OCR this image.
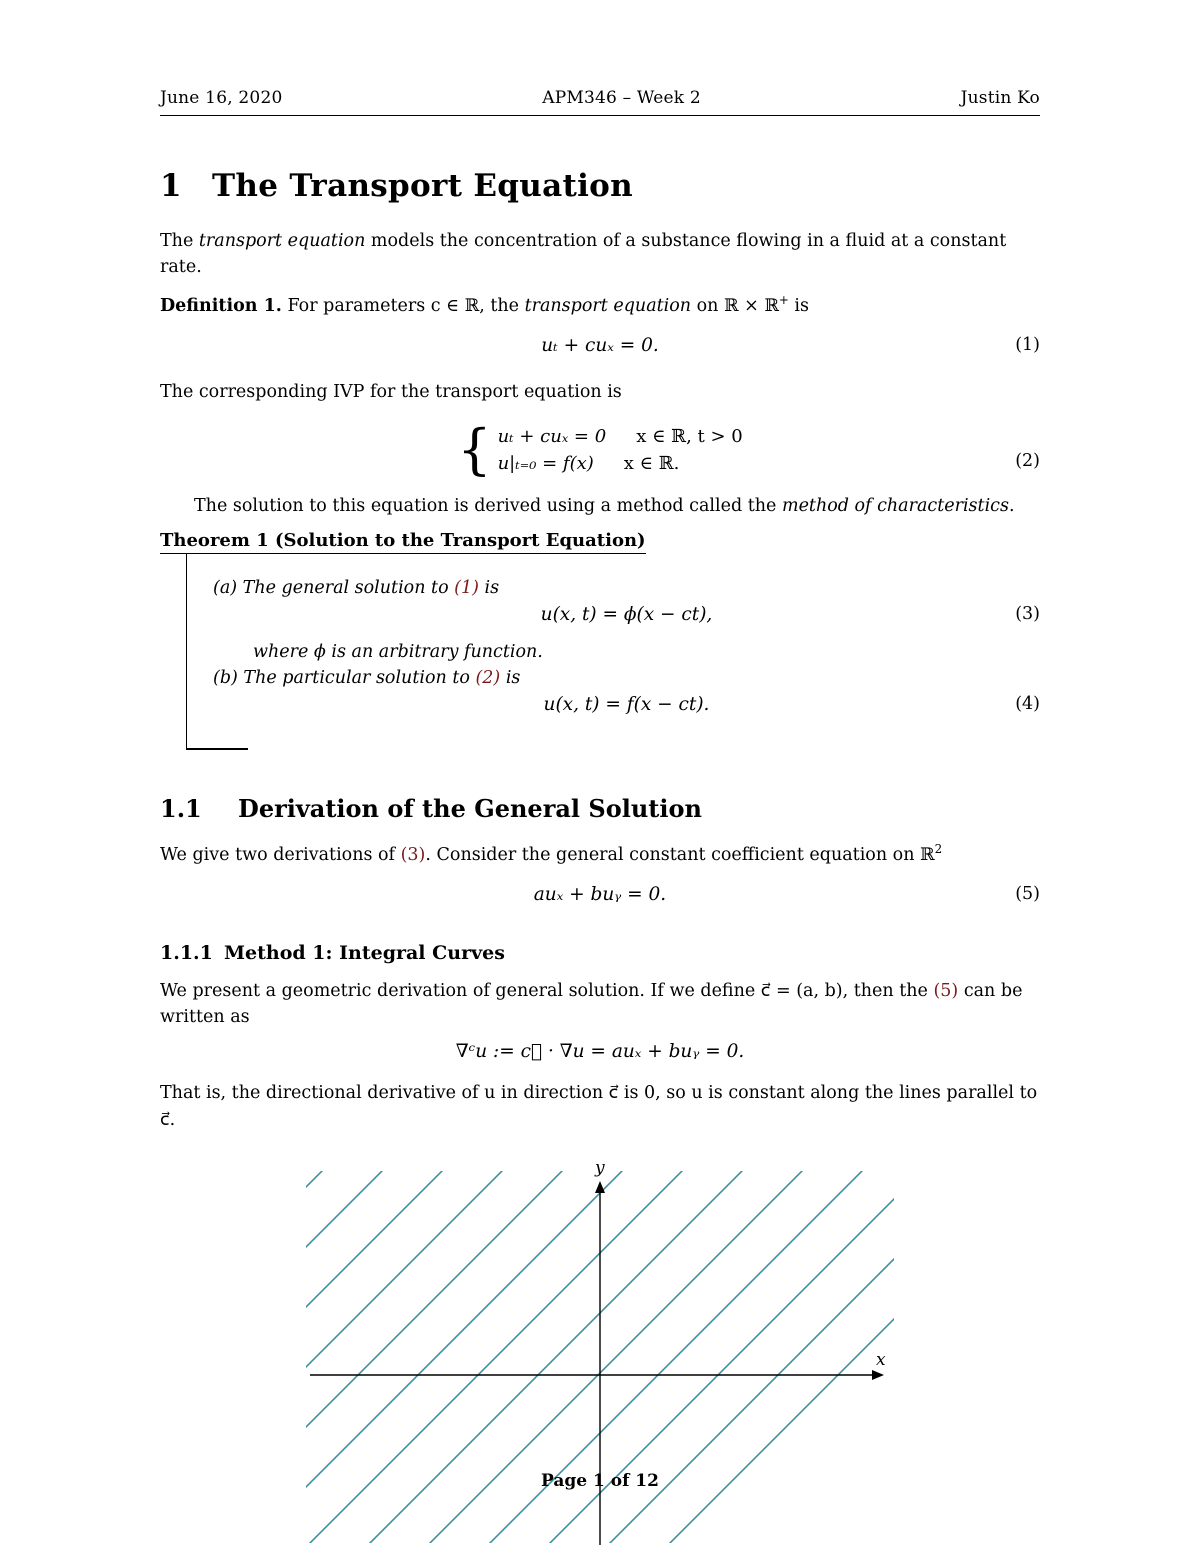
June 16, 2020	APM346 – Week 2	Justin Ko
1 The Transport Equation

The transport equation models the concentration of a substance flowing in a fluid at a constant rate.

Definition 1. For parameters c ∈ ℝ, the transport equation on ℝ × ℝ+ is

uₜ + cuₓ = 0.	(1)

The corresponding IVP for the transport equation is

{ uₜ + cuₓ = 0 x ∈ ℝ, t > 0
u|ₜ₌₀ = f(x) x ∈ ℝ.	(2)

The solution to this equation is derived using a method called the method of characteristics.

Theorem 1 (Solution to the Transport Equation)
(a) The general solution to (1) is
u(x, t) = ϕ(x − ct),	(3)
where ϕ is an arbitrary function.
(b) The particular solution to (2) is
u(x, t) = f(x − ct).	(4)
1.1 Derivation of the General Solution

We give two derivations of (3). Consider the general constant coefficient equation on ℝ$^2$

auₓ + buᵧ = 0.	(5)
1.1.1 Method 1: Integral Curves

We present a geometric derivation of general solution. If we define c⃗ = (a, b), then the (5) can be written as

∇ᶜu := c⃗ · ∇u = auₓ + buᵧ = 0.

That is, the directional derivative of u in direction c⃗ is 0, so u is constant along the lines parallel to c⃗.

y
x
Page 1 of 12
